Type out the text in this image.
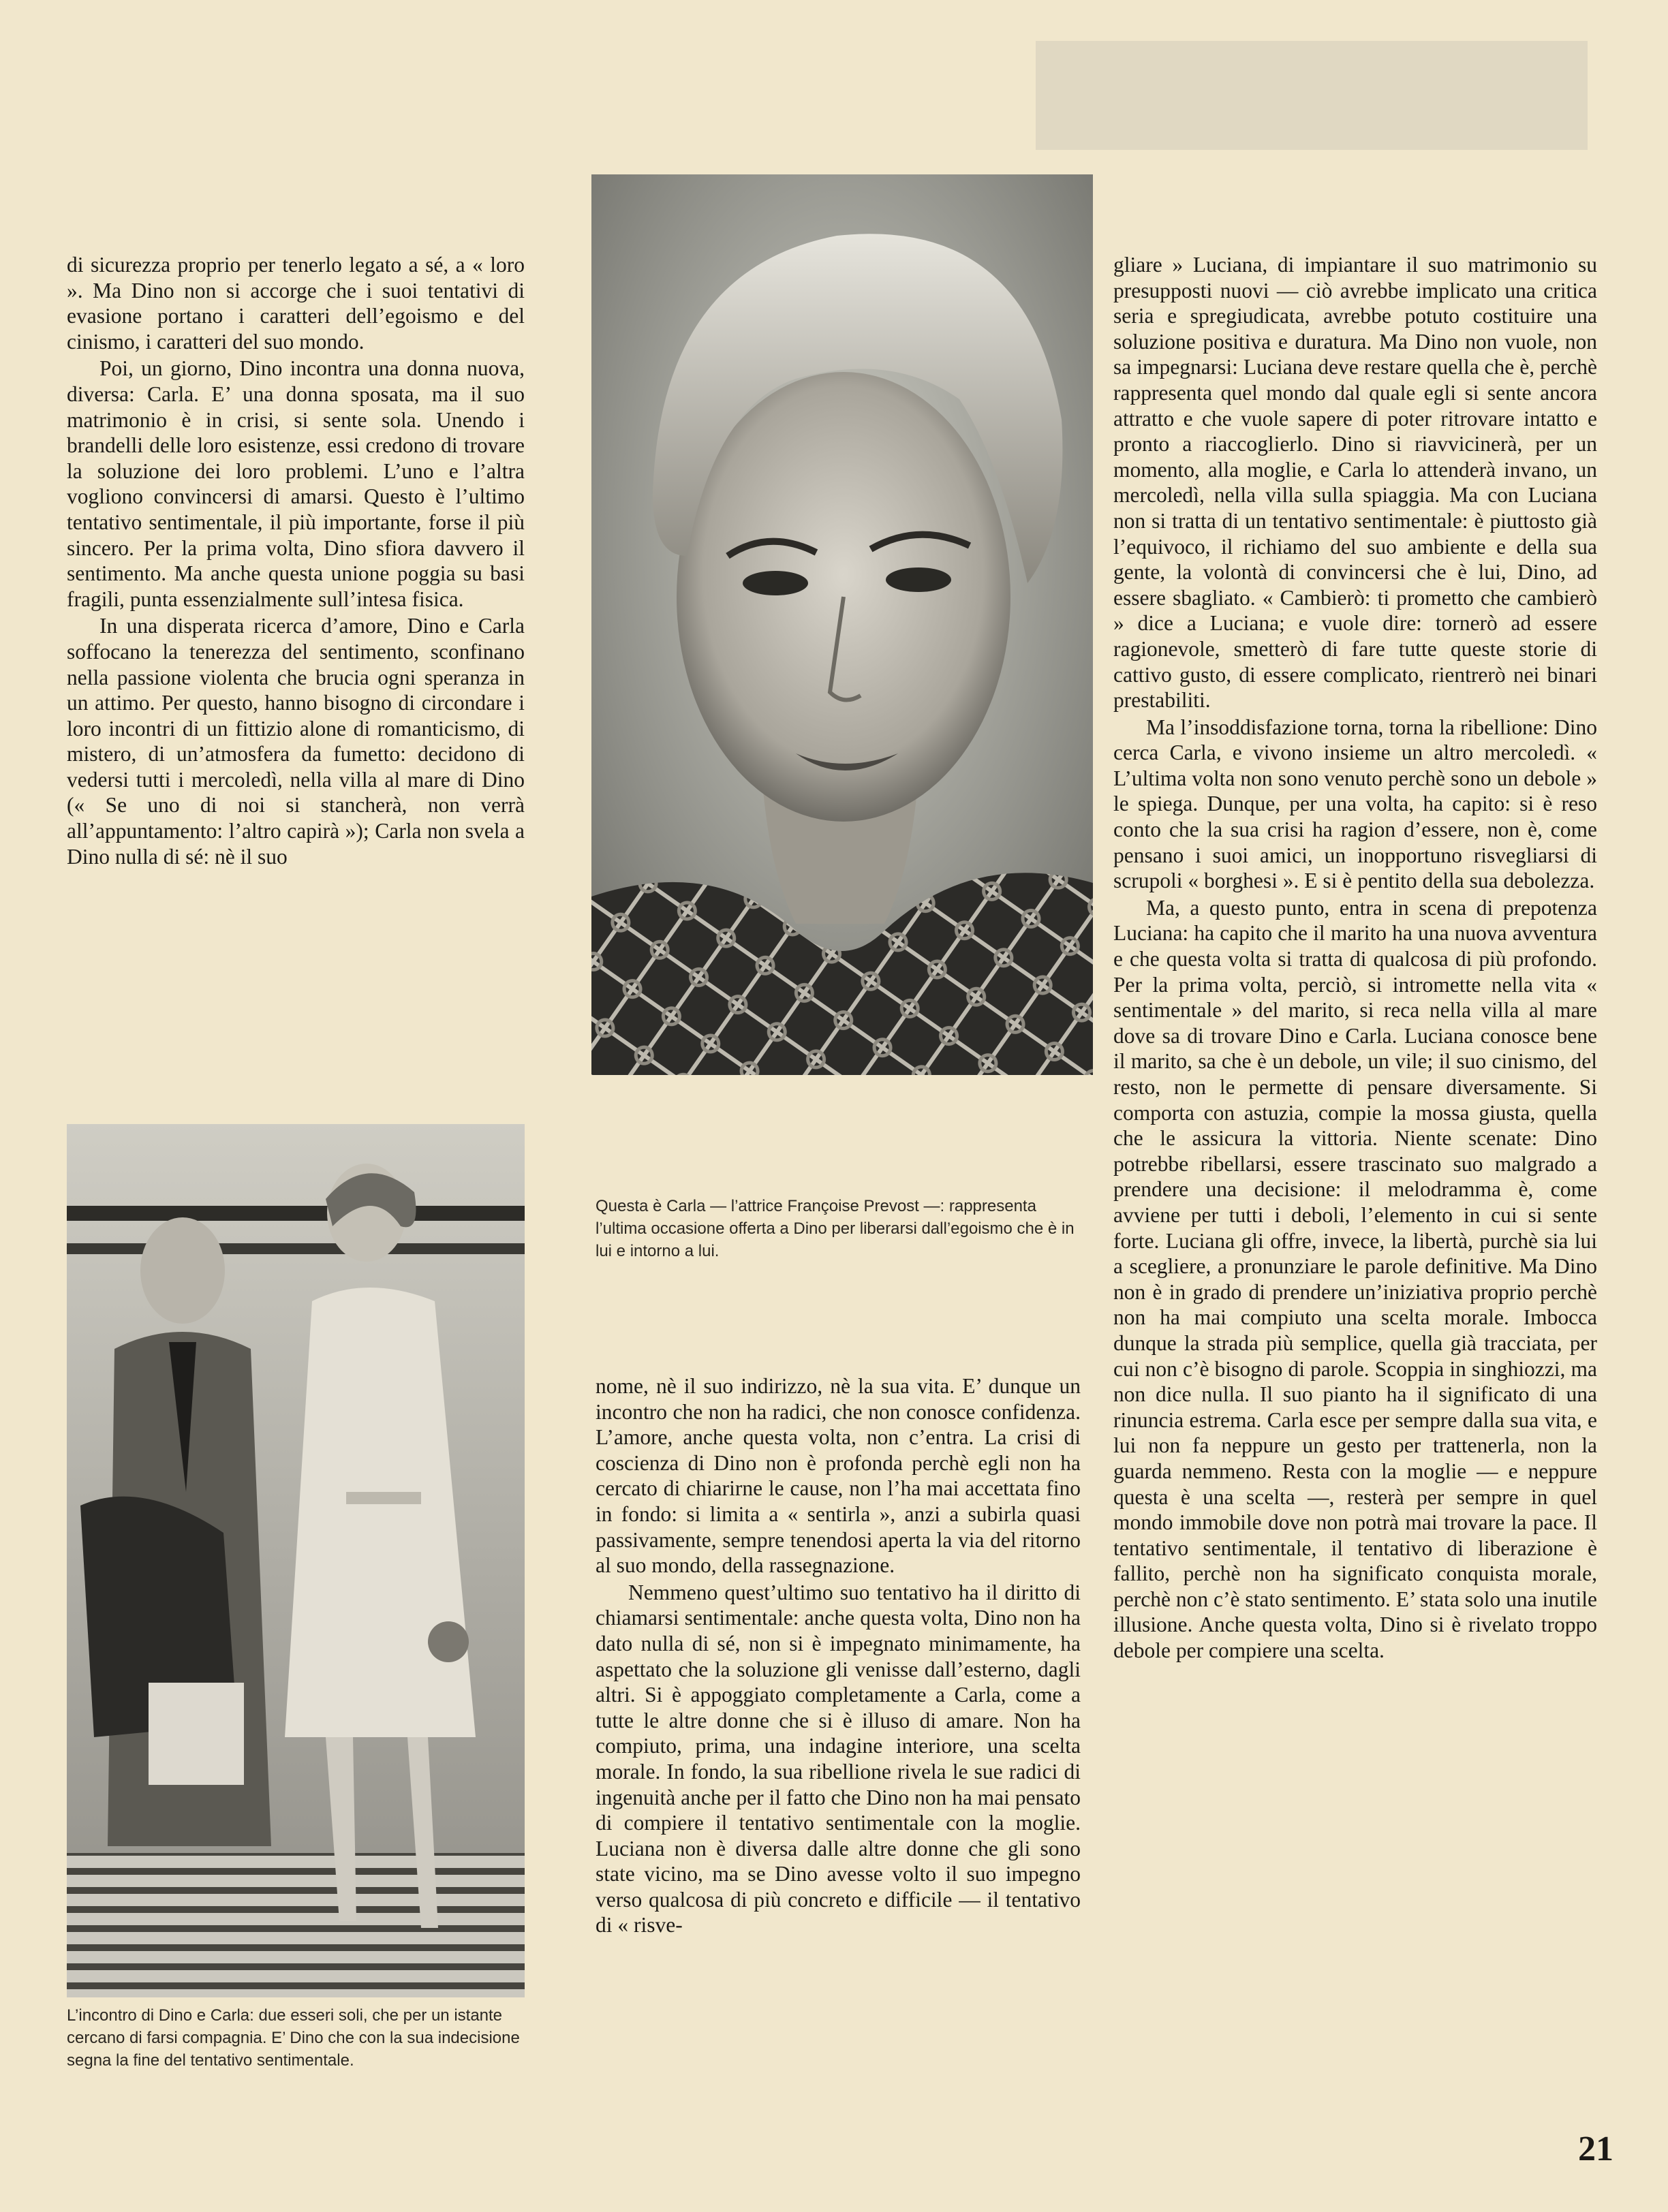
di sicurezza proprio per tenerlo legato a sé, a « loro ». Ma Dino non si accorge che i suoi tentativi di evasione portano i caratteri dell’egoismo e del cinismo, i caratteri del suo mondo.

Poi, un giorno, Dino incontra una donna nuova, diversa: Carla. E’ una donna sposata, ma il suo matrimonio è in crisi, si sente sola. Unendo i brandelli delle loro esistenze, essi credono di trovare la soluzione dei loro problemi. L’uno e l’altra vogliono convincersi di amarsi. Questo è l’ultimo tentativo sentimentale, il più importante, forse il più sincero. Per la prima volta, Dino sfiora davvero il sentimento. Ma anche questa unione poggia su basi fragili, punta essenzialmente sull’intesa fisica.

In una disperata ricerca d’amore, Dino e Carla soffocano la tenerezza del sentimento, sconfinano nella passione violenta che brucia ogni speranza in un attimo. Per questo, hanno bisogno di circondare i loro incontri di un fittizio alone di romanticismo, di mistero, di un’atmosfera da fumetto: decidono di vedersi tutti i mercoledì, nella villa al mare di Dino (« Se uno di noi si stancherà, non verrà all’appuntamento: l’altro capirà »); Carla non svela a Dino nulla di sé: nè il suo

Questa è Carla — l’attrice Françoise Prevost —: rappresenta l’ultima occasione offerta a Dino per liberarsi dall’egoismo che è in lui e intorno a lui.
L’incontro di Dino e Carla: due esseri soli, che per un istante cercano di farsi compagnia. E’ Dino che con la sua indecisione segna la fine del tentativo sentimentale.

nome, nè il suo indirizzo, nè la sua vita. E’ dunque un incontro che non ha radici, che non conosce confidenza. L’amore, anche questa volta, non c’entra. La crisi di coscienza di Dino non è profonda perchè egli non ha cercato di chiarirne le cause, non l’ha mai accettata fino in fondo: si limita a « sentirla », anzi a subirla quasi passivamente, sempre tenendosi aperta la via del ritorno al suo mondo, della rassegnazione.

Nemmeno quest’ultimo suo tentativo ha il diritto di chiamarsi sentimentale: anche questa volta, Dino non ha dato nulla di sé, non si è impegnato minimamente, ha aspettato che la soluzione gli venisse dall’esterno, dagli altri. Si è appoggiato completamente a Carla, come a tutte le altre donne che si è illuso di amare. Non ha compiuto, prima, una indagine interiore, una scelta morale. In fondo, la sua ribellione rivela le sue radici di ingenuità anche per il fatto che Dino non ha mai pensato di compiere il tentativo sentimentale con la moglie. Luciana non è diversa dalle altre donne che gli sono state vicino, ma se Dino avesse volto il suo impegno verso qualcosa di più concreto e difficile — il tentativo di « risve-

gliare » Luciana, di impiantare il suo matrimonio su presupposti nuovi — ciò avrebbe implicato una critica seria e spregiudicata, avrebbe potuto costituire una soluzione positiva e duratura. Ma Dino non vuole, non sa impegnarsi: Luciana deve restare quella che è, perchè rappresenta quel mondo dal quale egli si sente ancora attratto e che vuole sapere di poter ritrovare intatto e pronto a riaccoglierlo. Dino si riavvicinerà, per un momento, alla moglie, e Carla lo attenderà invano, un mercoledì, nella villa sulla spiaggia. Ma con Luciana non si tratta di un tentativo sentimentale: è piuttosto già l’equivoco, il richiamo del suo ambiente e della sua gente, la volontà di convincersi che è lui, Dino, ad essere sbagliato. « Cambierò: ti prometto che cambierò » dice a Luciana; e vuole dire: tornerò ad essere ragionevole, smetterò di fare tutte queste storie di cattivo gusto, di essere complicato, rientrerò nei binari prestabiliti.

Ma l’insoddisfazione torna, torna la ribellione: Dino cerca Carla, e vivono insieme un altro mercoledì. « L’ultima volta non sono venuto perchè sono un debole » le spiega. Dunque, per una volta, ha capito: si è reso conto che la sua crisi ha ragion d’essere, non è, come pensano i suoi amici, un inopportuno risvegliarsi di scrupoli « borghesi ». E si è pentito della sua debolezza.

Ma, a questo punto, entra in scena di prepotenza Luciana: ha capito che il marito ha una nuova avventura e che questa volta si tratta di qualcosa di più profondo. Per la prima volta, perciò, si intromette nella vita « sentimentale » del marito, si reca nella villa al mare dove sa di trovare Dino e Carla. Luciana conosce bene il marito, sa che è un debole, un vile; il suo cinismo, del resto, non le permette di pensare diversamente. Si comporta con astuzia, compie la mossa giusta, quella che le assicura la vittoria. Niente scenate: Dino potrebbe ribellarsi, essere trascinato suo malgrado a prendere una decisione: il melodramma è, come avviene per tutti i deboli, l’elemento in cui si sente forte. Luciana gli offre, invece, la libertà, purchè sia lui a scegliere, a pronunziare le parole definitive. Ma Dino non è in grado di prendere un’iniziativa proprio perchè non ha mai compiuto una scelta morale. Imbocca dunque la strada più semplice, quella già tracciata, per cui non c’è bisogno di parole. Scoppia in singhiozzi, ma non dice nulla. Il suo pianto ha il significato di una rinuncia estrema. Carla esce per sempre dalla sua vita, e lui non fa neppure un gesto per trattenerla, non la guarda nemmeno. Resta con la moglie — e neppure questa è una scelta —, resterà per sempre in quel mondo immobile dove non potrà mai trovare la pace. Il tentativo sentimentale, il tentativo di liberazione è fallito, perchè non ha significato conquista morale, perchè non c’è stato sentimento. E’ stata solo una inutile illusione. Anche questa volta, Dino si è rivelato troppo debole per compiere una scelta.

21
